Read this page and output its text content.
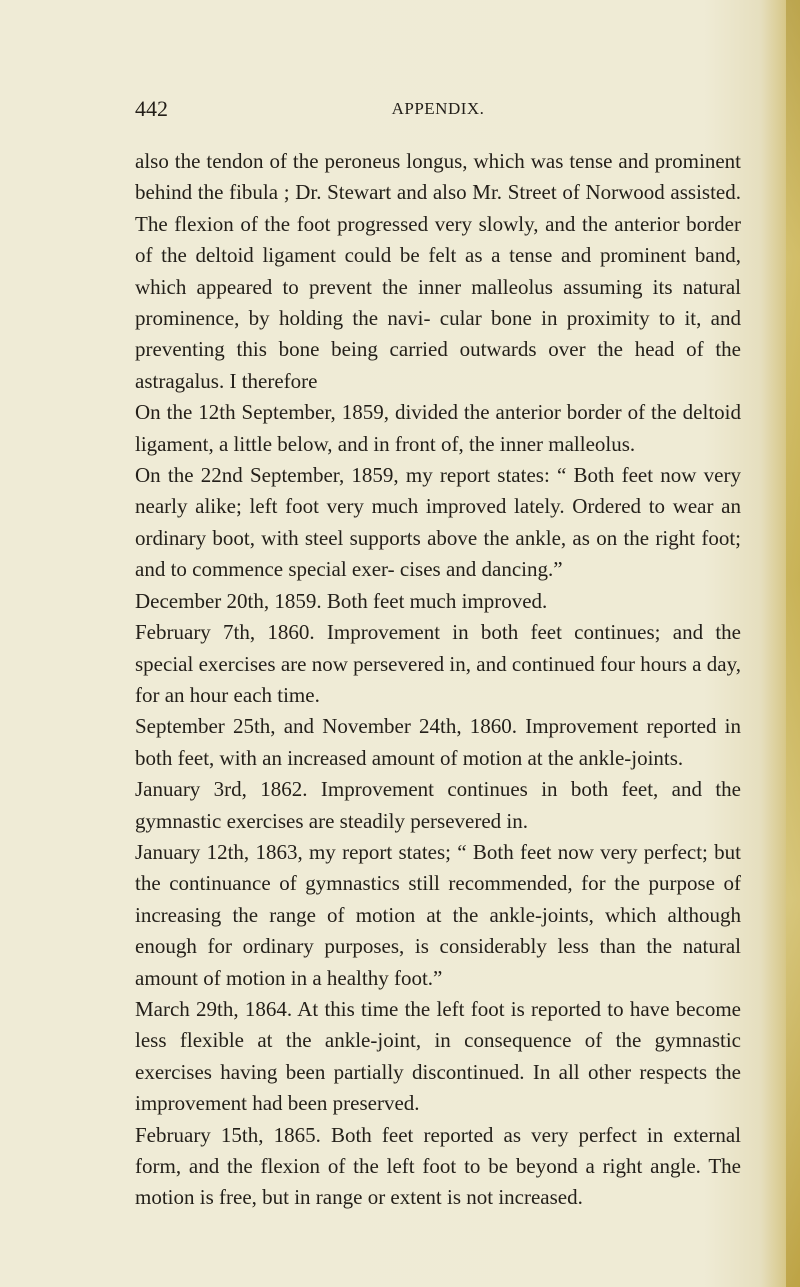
442	APPENDIX.

also the tendon of the peroneus longus, which was tense and prominent behind the fibula ; Dr. Stewart and also Mr. Street of Norwood assisted. The flexion of the foot progressed very slowly, and the anterior border of the deltoid ligament could be felt as a tense and prominent band, which appeared to prevent the inner malleolus assuming its natural prominence, by holding the navi- cular bone in proximity to it, and preventing this bone being carried outwards over the head of the astragalus. I therefore

On the 12th September, 1859, divided the anterior border of the deltoid ligament, a little below, and in front of, the inner malleolus.

On the 22nd September, 1859, my report states: “ Both feet now very nearly alike; left foot very much improved lately. Ordered to wear an ordinary boot, with steel supports above the ankle, as on the right foot; and to commence special exer- cises and dancing.”

December 20th, 1859. Both feet much improved.

February 7th, 1860. Improvement in both feet continues; and the special exercises are now persevered in, and continued four hours a day, for an hour each time.

September 25th, and November 24th, 1860. Improvement reported in both feet, with an increased amount of motion at the ankle-joints.

January 3rd, 1862. Improvement continues in both feet, and the gymnastic exercises are steadily persevered in.

January 12th, 1863, my report states; “ Both feet now very perfect; but the continuance of gymnastics still recommended, for the purpose of increasing the range of motion at the ankle-joints, which although enough for ordinary purposes, is considerably less than the natural amount of motion in a healthy foot.”

March 29th, 1864. At this time the left foot is reported to have become less flexible at the ankle-joint, in consequence of the gymnastic exercises having been partially discontinued. In all other respects the improvement had been preserved.

February 15th, 1865. Both feet reported as very perfect in external form, and the flexion of the left foot to be beyond a right angle. The motion is free, but in range or extent is not increased.
